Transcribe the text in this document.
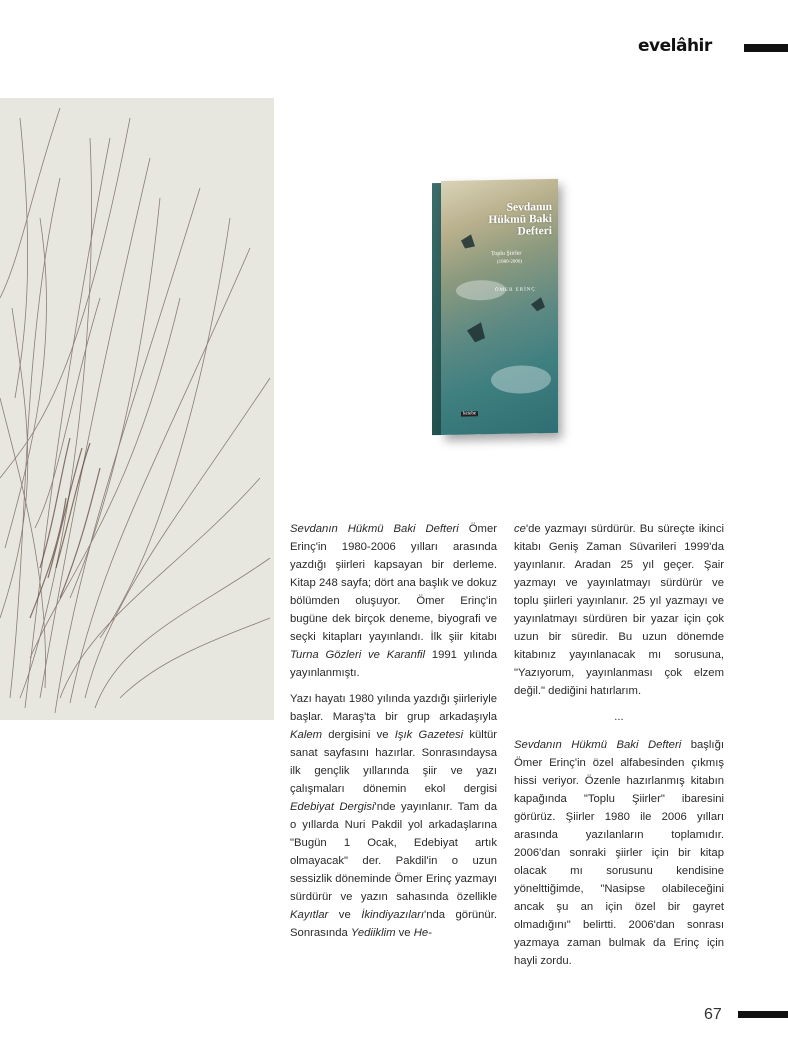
evelâhir
Sevdanın
Hükmü Baki
Defteri
Toplu Şiirler
(1980-2006)
ÖMER ERİNÇ
ketebe

Sevdanın Hükmü Baki Defteri Ömer Erinç'in 1980-2006 yılları arasında yazdığı şiirleri kapsayan bir derleme. Kitap 248 sayfa; dört ana başlık ve dokuz bölümden oluşuyor. Ömer Erinç'in bugüne dek birçok deneme, biyografi ve seçki kitapları yayınlandı. İlk şiir kitabı Turna Gözleri ve Karanfil 1991 yılında yayınlanmıştı.

Yazı hayatı 1980 yılında yazdığı şiirleriyle başlar. Maraş'ta bir grup arkadaşıyla Kalem dergisini ve Işık Gazetesi kültür sanat sayfasını hazırlar. Sonrasındaysa ilk gençlik yıllarında şiir ve yazı çalışmaları dönemin ekol dergisi Edebiyat Dergisi'nde yayınlanır. Tam da o yıllarda Nuri Pakdil yol arkadaşlarına "Bugün 1 Ocak, Edebiyat artık olmayacak" der. Pakdil'in o uzun sessizlik döneminde Ömer Erinç yazmayı sürdürür ve yazın sahasında özellikle Kayıtlar ve İkindiyazıları'nda görünür. Sonrasında Yediiklim ve He-

ce'de yazmayı sürdürür. Bu süreçte ikinci kitabı Geniş Zaman Süvarileri 1999'da yayınlanır. Aradan 25 yıl geçer. Şair yazmayı ve yayınlatmayı sürdürür ve toplu şiirleri yayınlanır. 25 yıl yazmayı ve yayınlatmayı sürdüren bir yazar için çok uzun bir süredir. Bu uzun dönemde kitabınız yayınlanacak mı sorusuna, "Yazıyorum, yayınlanması çok elzem değil." dediğini hatırlarım.

...

Sevdanın Hükmü Baki Defteri başlığı Ömer Erinç'in özel alfabesinden çıkmış hissi veriyor. Özenle hazırlanmış kitabın kapağında "Toplu Şiirler" ibaresini görürüz. Şiirler 1980 ile 2006 yılları arasında yazılanların toplamıdır. 2006'dan sonraki şiirler için bir kitap olacak mı sorusunu kendisine yönelttiğimde, "Nasipse olabileceğini ancak şu an için özel bir gayret olmadığını" belirtti. 2006'dan sonrası yazmaya zaman bulmak da Erinç için hayli zordu.

67
